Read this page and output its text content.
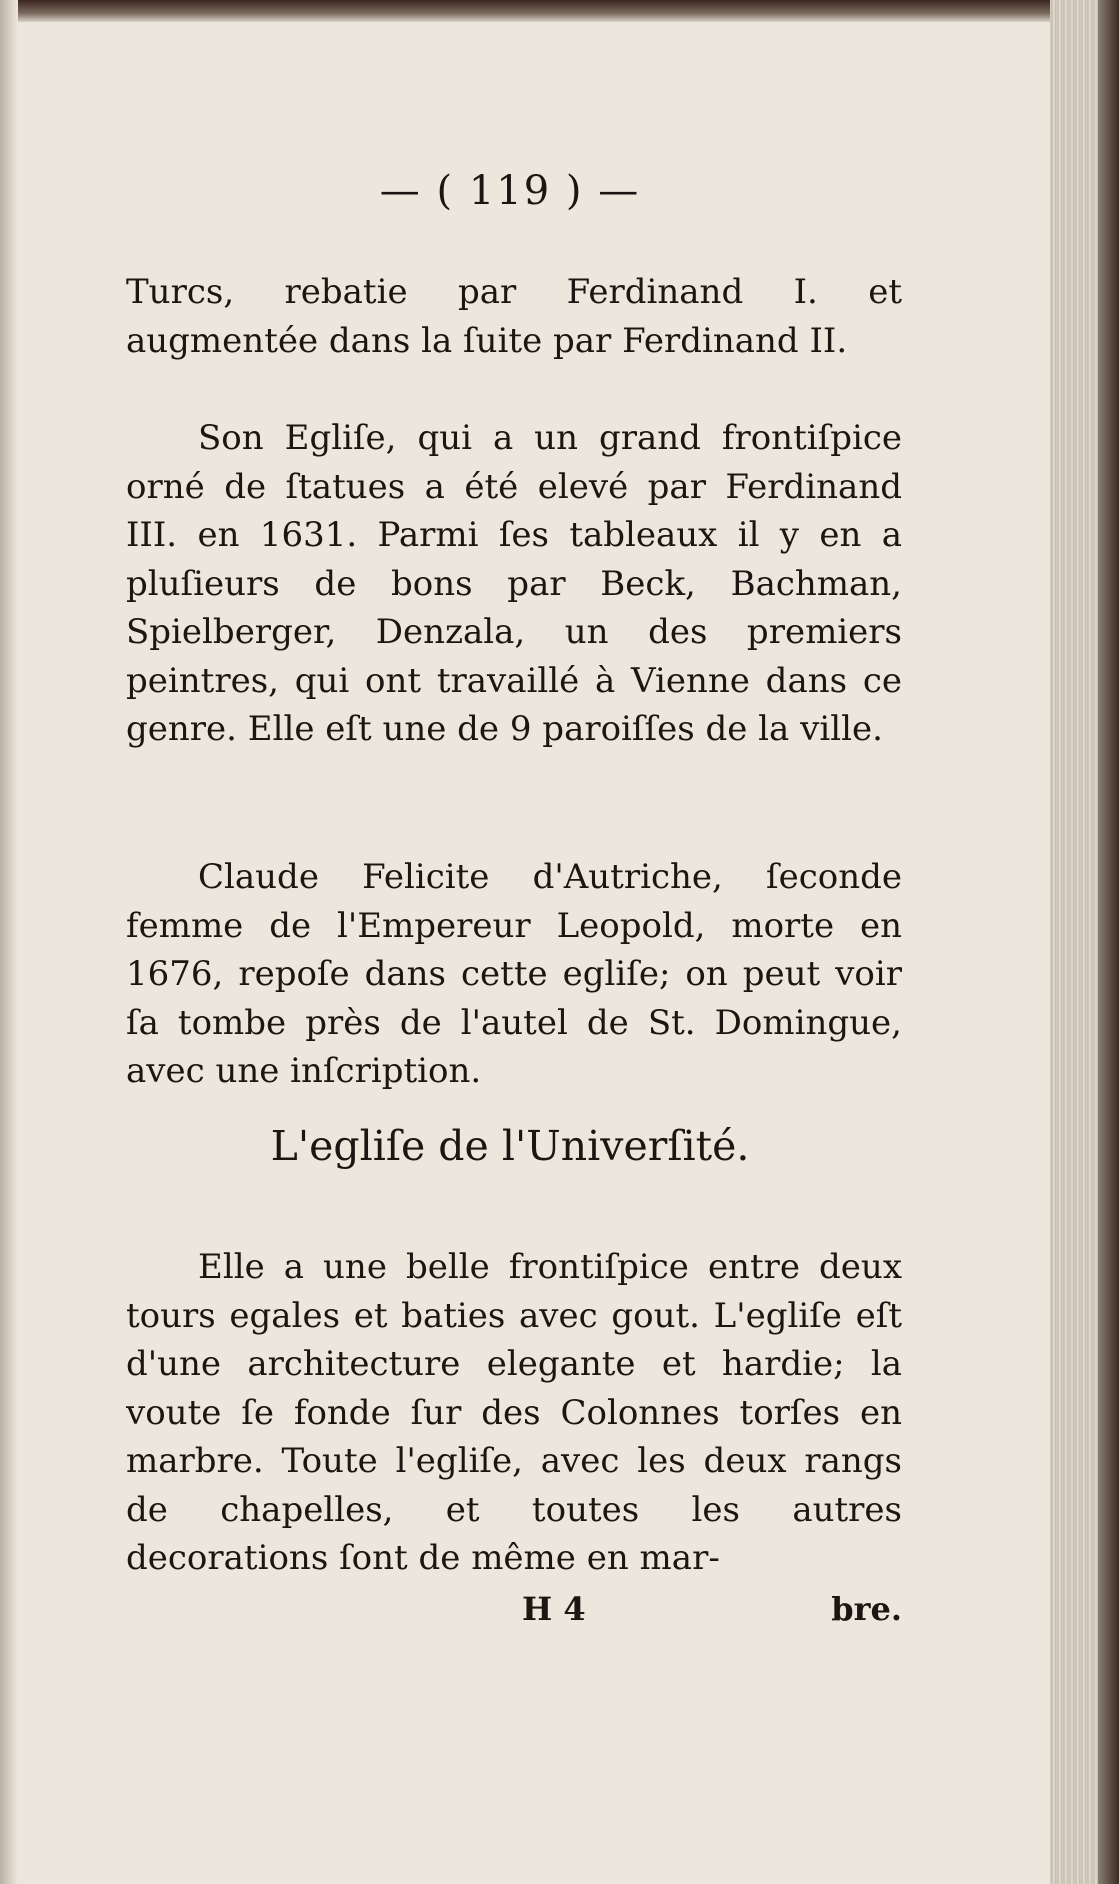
— ( 119 ) —

Turcs, rebatie par Ferdinand I. et augmentée dans la ſuite par Ferdinand II.

Son Egliſe, qui a un grand frontiſpice orné de ſtatues a été elevé par Ferdinand III. en 1631. Parmi ſes tableaux il y en a pluſieurs de bons par Beck, Bachman, Spielberger, Denzala, un des premiers peintres, qui ont travaillé à Vienne dans ce genre. Elle eſt une de 9 paroiſſes de la ville.

Claude Felicite d'Autriche, ſeconde femme de l'Empereur Leopold, morte en 1676, repoſe dans cette egliſe; on peut voir ſa tombe près de l'autel de St. Domingue, avec une inſcription.

L'egliſe de l'Univerſité.

Elle a une belle frontiſpice entre deux tours egales et baties avec gout. L'egliſe eſt d'une architecture elegante et hardie; la voute ſe fonde ſur des Colonnes torſes en marbre. Toute l'egliſe, avec les deux rangs de chapelles, et toutes les autres decorations ſont de même en mar-

H 4	bre.
